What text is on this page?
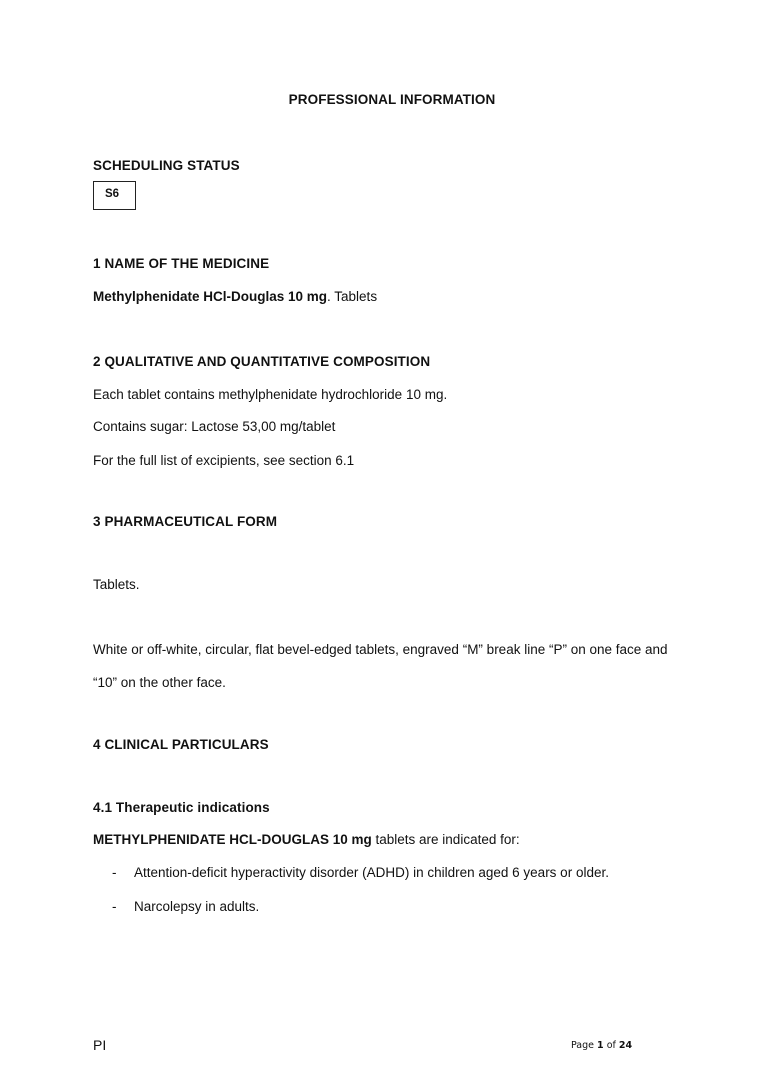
PROFESSIONAL INFORMATION
SCHEDULING STATUS
S6
1 NAME OF THE MEDICINE
Methylphenidate HCl-Douglas 10 mg. Tablets
2 QUALITATIVE AND QUANTITATIVE COMPOSITION
Each tablet contains methylphenidate hydrochloride 10 mg.
Contains sugar: Lactose 53,00 mg/tablet
For the full list of excipients, see section 6.1
3 PHARMACEUTICAL FORM
Tablets.
White or off-white, circular, flat bevel-edged tablets, engraved “M” break line “P” on one face and
“10” on the other face.
4 CLINICAL PARTICULARS
4.1 Therapeutic indications
METHYLPHENIDATE HCL-DOUGLAS 10 mg tablets are indicated for:
- Attention-deficit hyperactivity disorder (ADHD) in children aged 6 years or older.
- Narcolepsy in adults.
PI	Page 1 of 24
